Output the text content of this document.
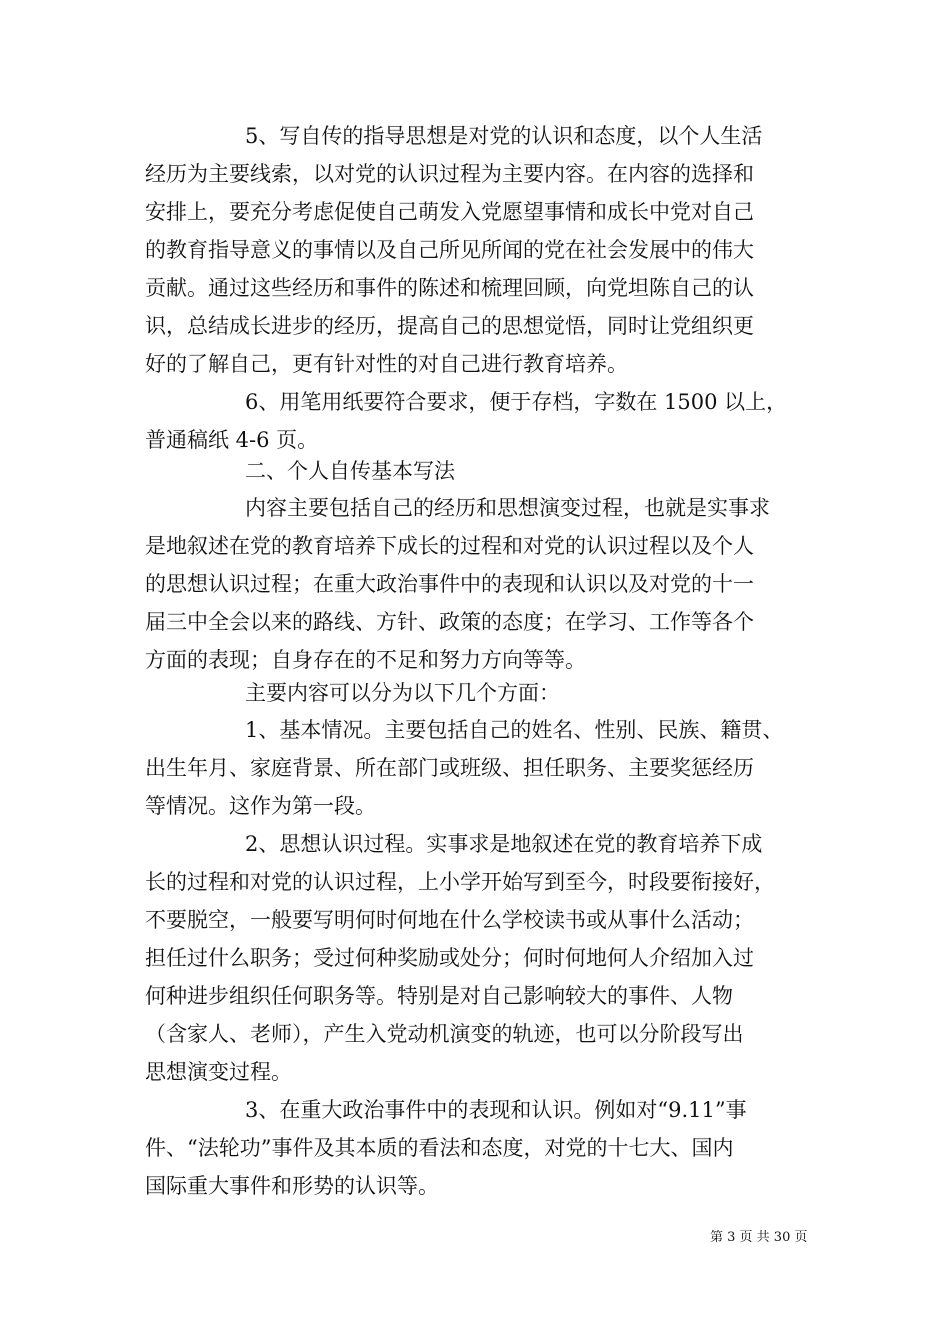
5、写自传的指导思想是对党的认识和态度，以个人生活
经历为主要线索，以对党的认识过程为主要内容。在内容的选择和
安排上，要充分考虑促使自己萌发入党愿望事情和成长中党对自己
的教育指导意义的事情以及自己所见所闻的党在社会发展中的伟大
贡献。通过这些经历和事件的陈述和梳理回顾，向党坦陈自己的认
识，总结成长进步的经历，提高自己的思想觉悟，同时让党组织更
好的了解自己，更有针对性的对自己进行教育培养。
6、用笔用纸要符合要求，便于存档，字数在 1500 以上，
普通稿纸 4-6 页。
二、个人自传基本写法
内容主要包括自己的经历和思想演变过程，也就是实事求
是地叙述在党的教育培养下成长的过程和对党的认识过程以及个人
的思想认识过程；在重大政治事件中的表现和认识以及对党的十一
届三中全会以来的路线、方针、政策的态度；在学习、工作等各个
方面的表现；自身存在的不足和努力方向等等。
主要内容可以分为以下几个方面：
1、基本情况。主要包括自己的姓名、性别、民族、籍贯、
出生年月、家庭背景、所在部门或班级、担任职务、主要奖惩经历
等情况。这作为第一段。
2、思想认识过程。实事求是地叙述在党的教育培养下成
长的过程和对党的认识过程，上小学开始写到至今，时段要衔接好，
不要脱空，一般要写明何时何地在什么学校读书或从事什么活动；
担任过什么职务；受过何种奖励或处分；何时何地何人介绍加入过
何种进步组织任何职务等。特别是对自己影响较大的事件、人物
（含家人、老师），产生入党动机演变的轨迹，也可以分阶段写出
思想演变过程。
3、在重大政治事件中的表现和认识。例如对“9.11”事
件、“法轮功”事件及其本质的看法和态度，对党的十七大、国内
国际重大事件和形势的认识等。
第 3 页 共 30 页
